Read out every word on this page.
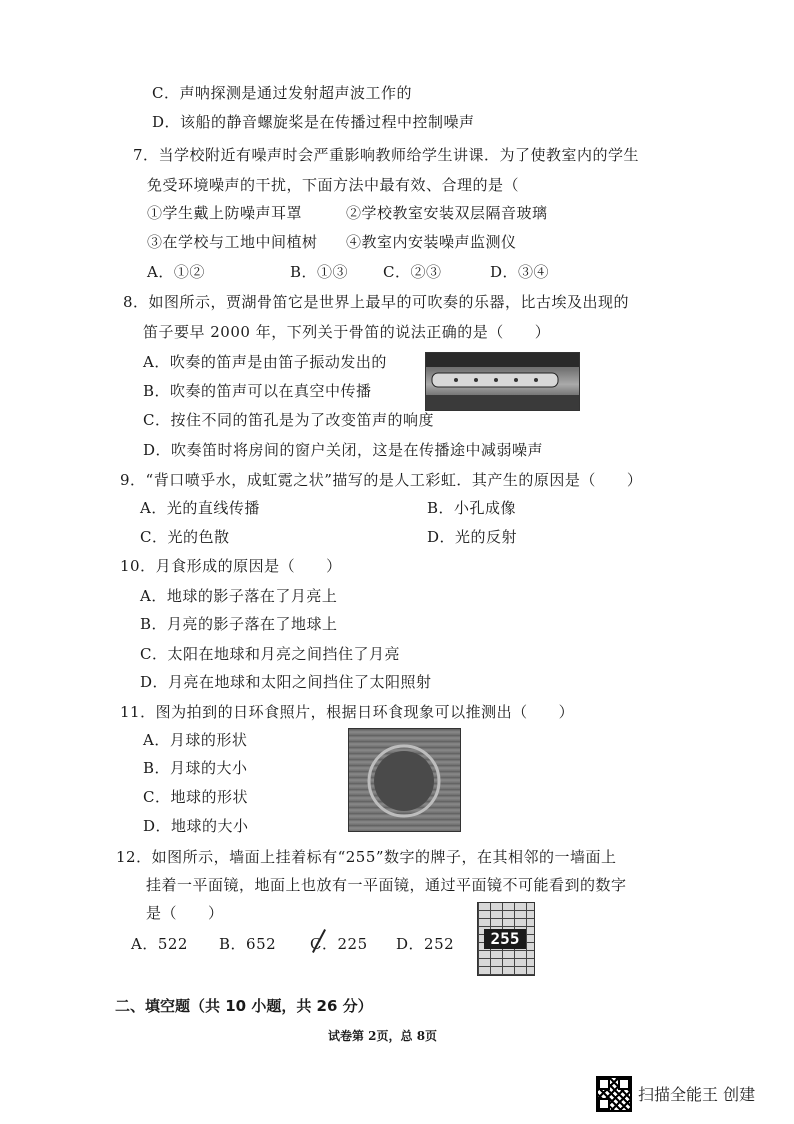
C．声呐探测是通过发射超声波工作的
D．该船的静音螺旋桨是在传播过程中控制噪声
7．当学校附近有噪声时会严重影响教师给学生讲课．为了使教室内的学生
免受环境噪声的干扰，下面方法中最有效、合理的是（
①学生戴上防噪声耳罩	②学校教室安装双层隔音玻璃
③在学校与工地中间植树 ④教室内安装噪声监测仪
A．①②	B．①③ C．②③	D．③④
8．如图所示，贾湖骨笛它是世界上最早的可吹奏的乐器，比古埃及出现的
笛子要早 2000 年，下列关于骨笛的说法正确的是（　　）
A．吹奏的笛声是由笛子振动发出的
B．吹奏的笛声可以在真空中传播
C．按住不同的笛孔是为了改变笛声的响度
D．吹奏笛时将房间的窗户关闭，这是在传播途中减弱噪声
9．“背口喷乎水，成虹霓之状”描写的是人工彩虹．其产生的原因是（　　）
A．光的直线传播	B．小孔成像
C．光的色散	D．光的反射
10．月食形成的原因是（　　）
A．地球的影子落在了月亮上
B．月亮的影子落在了地球上
C．太阳在地球和月亮之间挡住了月亮
D．月亮在地球和太阳之间挡住了太阳照射
11．图为拍到的日环食照片，根据日环食现象可以推测出（　　）
A．月球的形状
B．月球的大小
C．地球的形状
D．地球的大小
12．如图所示，墙面上挂着标有“255”数字的牌子，在其相邻的一墙面上
挂着一平面镜，地面上也放有一平面镜，通过平面镜不可能看到的数字
是（　　）
A．522 B．652 C．225 D．252	255
二、填空题（共 10 小题，共 26 分）
试卷第 2页，总 8页
扫描全能王 创建
